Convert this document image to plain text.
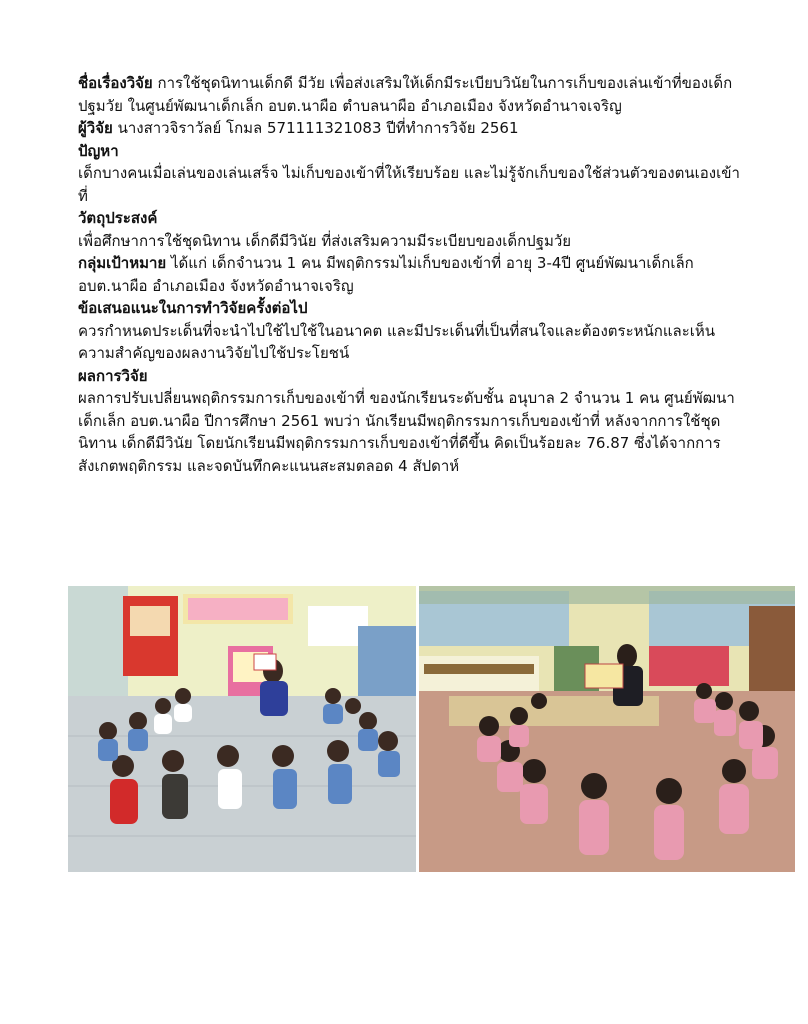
ชื่อเรื่องวิจัย การใช้ชุดนิทานเด็กดี มีวัย เพื่อส่งเสริมให้เด็กมีระเบียบวินัยในการเก็บของเล่นเข้าที่ของเด็กปฐมวัย ในศูนย์พัฒนาเด็กเล็ก อบต.นาผือ ตำบลนาผือ อำเภอเมือง จังหวัดอำนาจเจริญ

ผู้วิจัย นางสาวจิราวัลย์ โกมล 571111321083 ปีที่ทำการวิจัย 2561

ปัญหา

เด็กบางคนเมื่อเล่นของเล่นเสร็จ ไม่เก็บของเข้าที่ให้เรียบร้อย และไม่รู้จักเก็บของใช้ส่วนตัวของตนเองเข้าที่

วัตถุประสงค์

เพื่อศึกษาการใช้ชุดนิทาน เด็กดีมีวินัย ที่ส่งเสริมความมีระเบียบของเด็กปฐมวัย

กลุ่มเป้าหมาย ได้แก่ เด็กจำนวน 1 คน มีพฤติกรรมไม่เก็บของเข้าที่ อายุ 3-4ปี ศูนย์พัฒนาเด็กเล็ก อบต.นาผือ อำเภอเมือง จังหวัดอำนาจเจริญ

ข้อเสนอแนะในการทำวิจัยครั้งต่อไป

ควรกำหนดประเด็นที่จะนำไปใช้ไปใช้ในอนาคต และมีประเด็นที่เป็นที่สนใจและต้องตระหนักและเห็นความสำคัญของผลงานวิจัยไปใช้ประโยชน์

ผลการวิจัย

ผลการปรับเปลี่ยนพฤติกรรมการเก็บของเข้าที่ ของนักเรียนระดับชั้น อนุบาล 2 จำนวน 1 คน ศูนย์พัฒนาเด็กเล็ก อบต.นาผือ ปีการศึกษา 2561 พบว่า นักเรียนมีพฤติกรรมการเก็บของเข้าที่ หลังจากการใช้ชุดนิทาน เด็กดีมีวินัย โดยนักเรียนมีพฤติกรรมการเก็บของเข้าที่ดีขึ้น คิดเป็นร้อยละ 76.87 ซึ่งได้จากการสังเกตพฤติกรรม และจดบันทึกคะแนนสะสมตลอด 4 สัปดาห์
